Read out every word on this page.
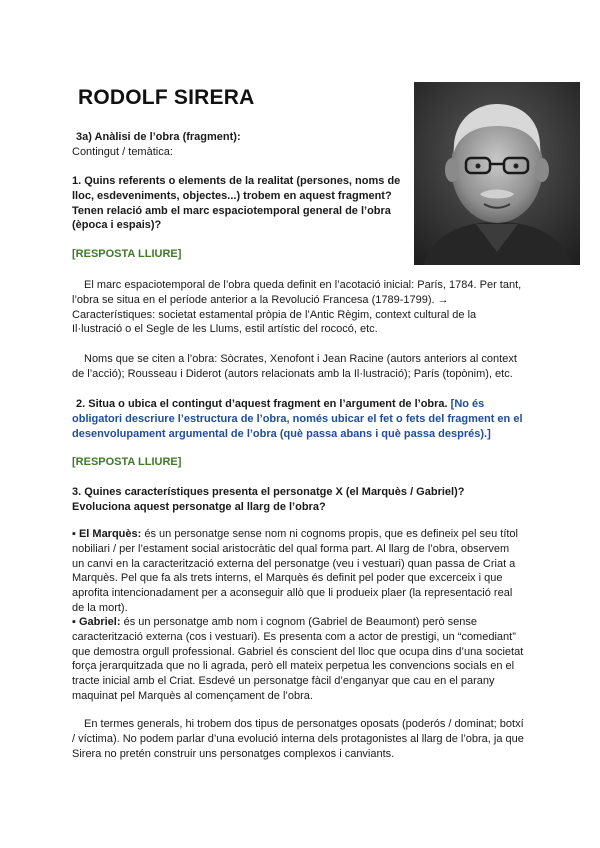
RODOLF SIRERA
3a) Anàlisi de l’obra (fragment):
Contingut / temàtica:
1. Quins referents o elements de la realitat (persones, noms de lloc, esdeveniments, objectes...) trobem en aquest fragment? Tenen relació amb el marc espaciotemporal general de l’obra (època i espais)?
[RESPOSTA LLIURE]

El marc espaciotemporal de l’obra queda definit en l’acotació inicial: París, 1784. Per tant, l’obra se situa en el període anterior a la Revolució Francesa (1789-1799). → Característiques: societat estamental pròpia de l’Antic Règim, context cultural de la Il·lustració o el Segle de les Llums, estil artístic del rococó, etc.

Noms que se citen a l’obra: Sòcrates, Xenofont i Jean Racine (autors anteriors al context de l’acció); Rousseau i Diderot (autors relacionats amb la Il·lustració); París (topònim), etc.

2. Situa o ubica el contingut d’aquest fragment en l’argument de l’obra. [No és obligatori descriure l’estructura de l’obra, només ubicar el fet o fets del fragment en el desenvolupament argumental de l’obra (què passa abans i què passa després).]

[RESPOSTA LLIURE]
3. Quines característiques presenta el personatge X (el Marquès / Gabriel)? Evoluciona aquest personatge al llarg de l’obra?

▪ El Marquès: és un personatge sense nom ni cognoms propis, que es defineix pel seu títol nobiliari / per l’estament social aristocràtic del qual forma part. Al llarg de l’obra, observem un canvi en la caracterització externa del personatge (veu i vestuari) quan passa de Criat a Marquès. Pel que fa als trets interns, el Marquès és definit pel poder que excerceix i que aprofita intencionadament per a aconseguir allò que li produeix plaer (la representació real de la mort).

▪ Gabriel: és un personatge amb nom i cognom (Gabriel de Beaumont) però sense caracterització externa (cos i vestuari). Es presenta com a actor de prestigi, un “comediant” que demostra orgull professional. Gabriel és conscient del lloc que ocupa dins d’una societat força jerarquitzada que no li agrada, però ell mateix perpetua les convencions socials en el tracte inicial amb el Criat. Esdevé un personatge fàcil d’enganyar que cau en el parany maquinat pel Marquès al començament de l’obra.

En termes generals, hi trobem dos tipus de personatges oposats (poderós / dominat; botxí / víctima). No podem parlar d’una evolució interna dels protagonistes al llarg de l’obra, ja que Sirera no pretén construir uns personatges complexos i canviants.
